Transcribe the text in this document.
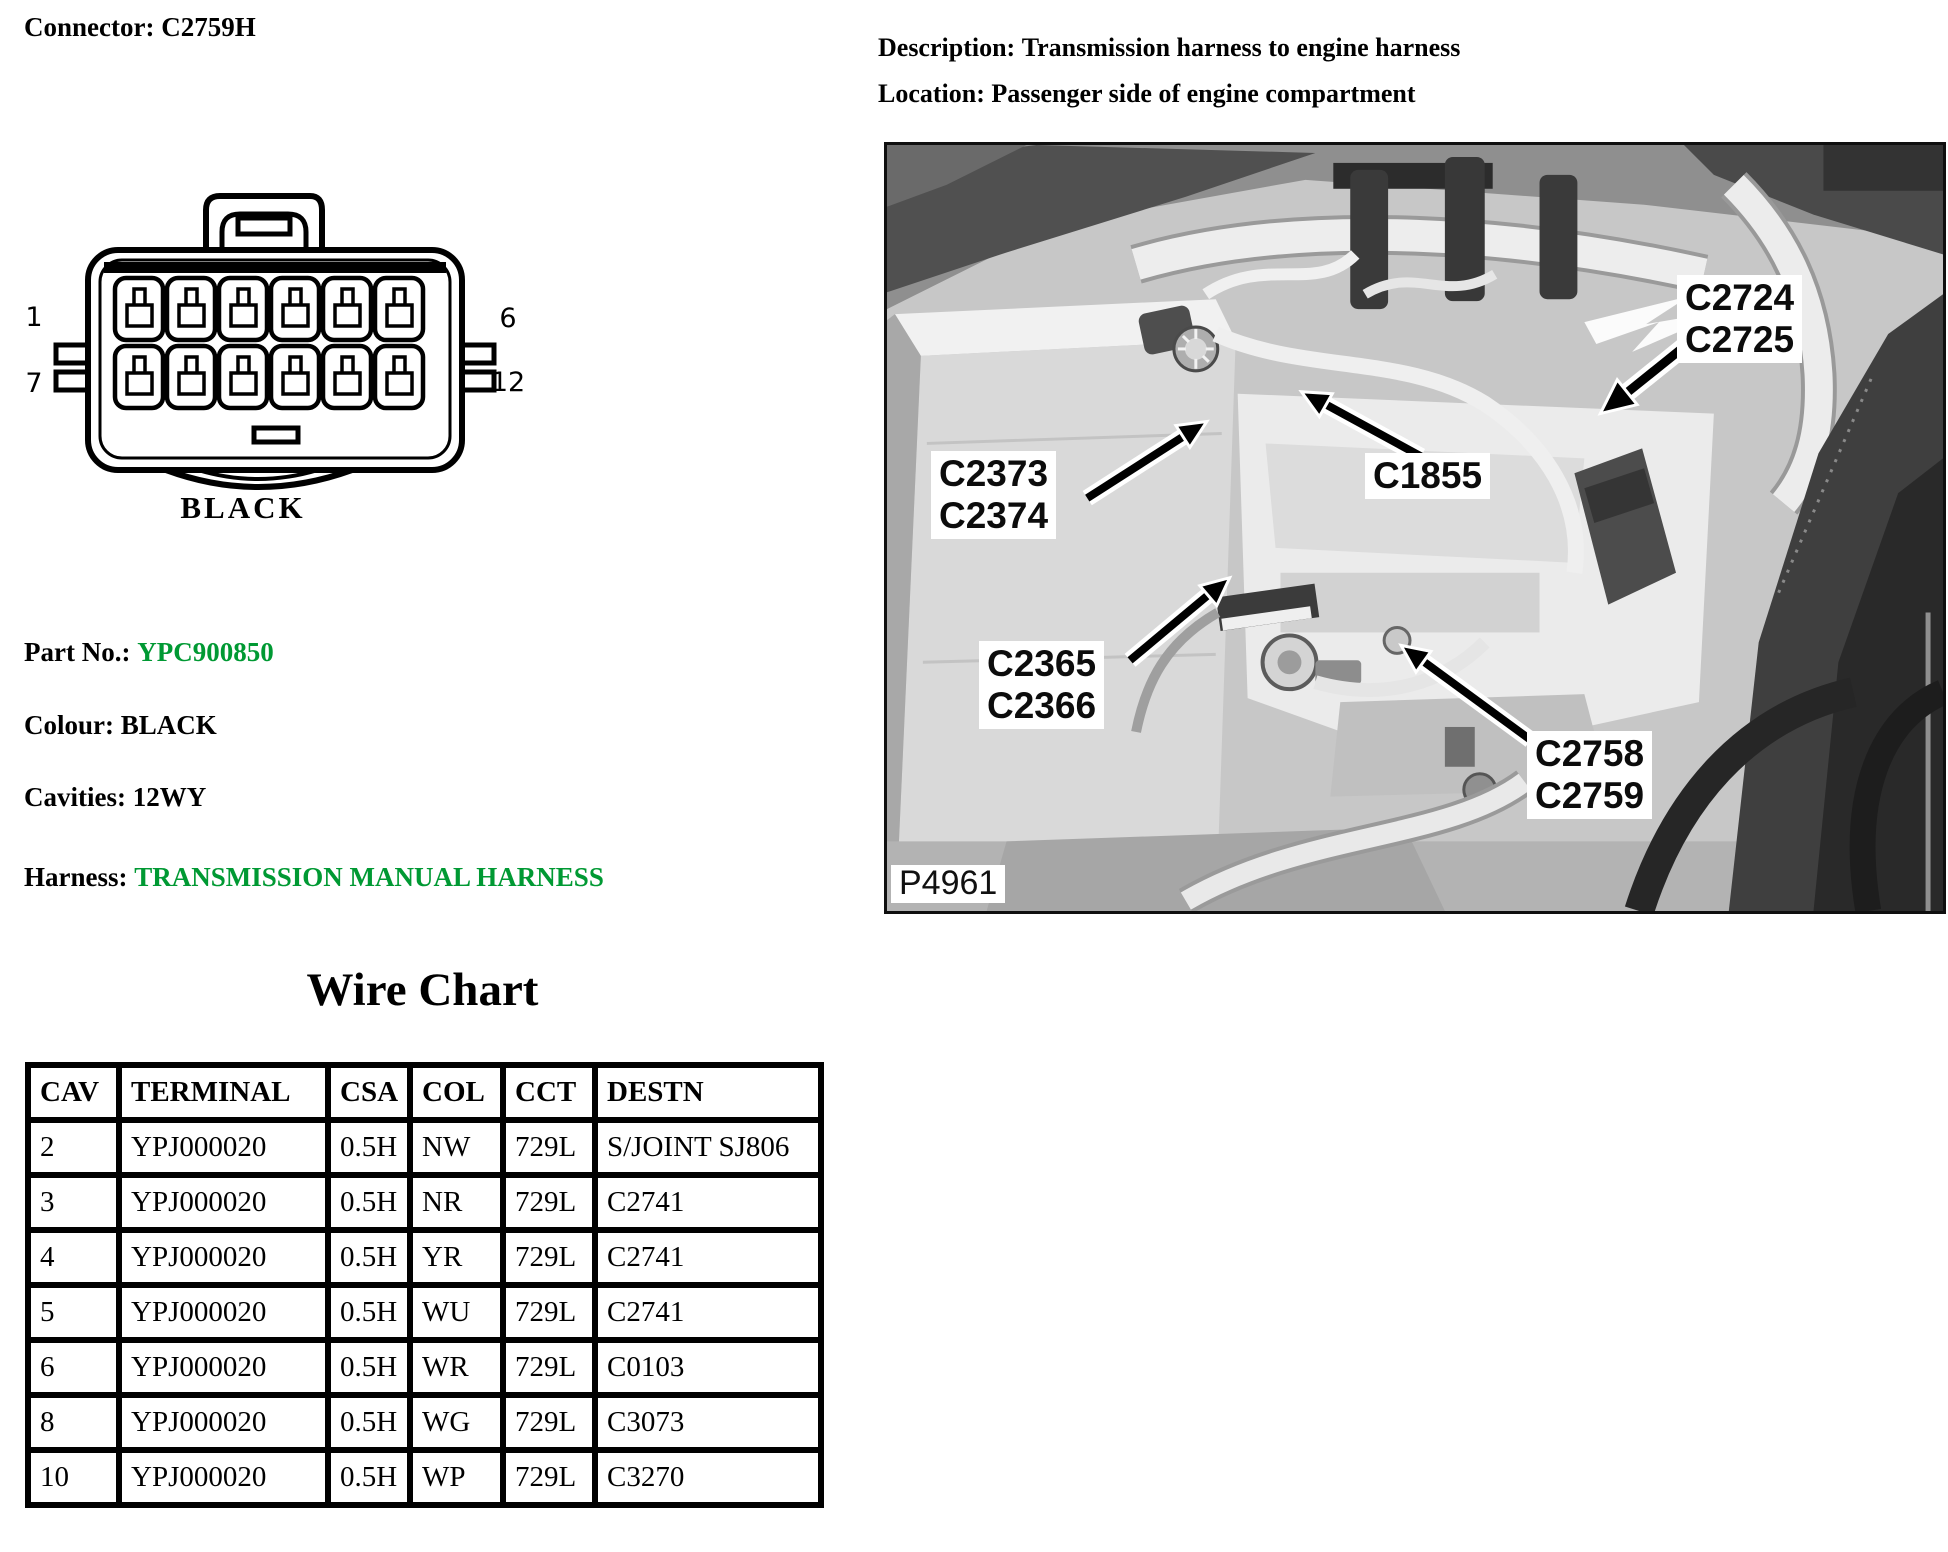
Connector: C2759H
Description: Transmission harness to engine harness
Location: Passenger side of engine compartment
1
7
6
12
BLACK
Part No.: YPC900850
Colour: BLACK
Cavities: 12WY
Harness: TRANSMISSION MANUAL HARNESS
C2373
C2374
C1855
C2724
C2725
C2365
C2366
C2758
C2759
P4961
Wire Chart
CAV	TERMINAL	CSA	COL	CCT	DESTN
2	YPJ000020	0.5H	NW	729L	S/JOINT SJ806
3	YPJ000020	0.5H	NR	729L	C2741
4	YPJ000020	0.5H	YR	729L	C2741
5	YPJ000020	0.5H	WU	729L	C2741
6	YPJ000020	0.5H	WR	729L	C0103
8	YPJ000020	0.5H	WG	729L	C3073
10	YPJ000020	0.5H	WP	729L	C3270
